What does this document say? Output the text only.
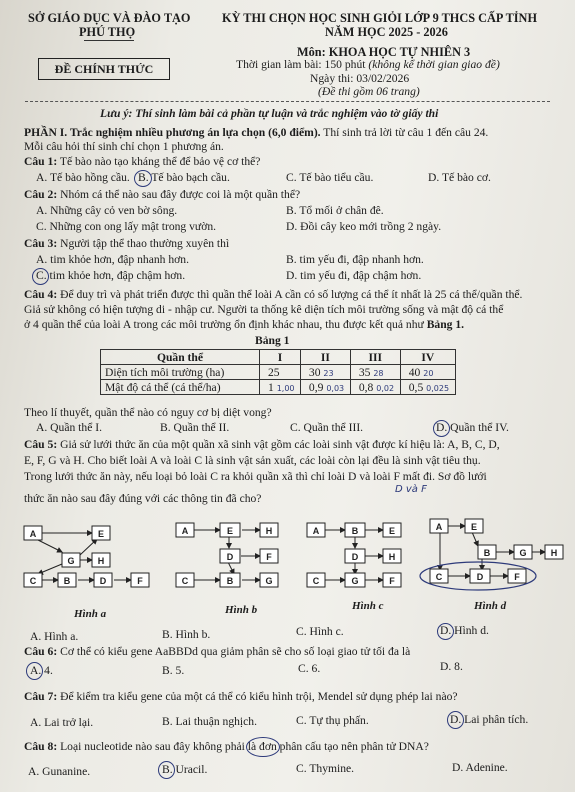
SỞ GIÁO DỤC VÀ ĐÀO TẠO
PHÚ THỌ
KỲ THI CHỌN HỌC SINH GIỎI LỚP 9 THCS CẤP TỈNH
NĂM HỌC 2025 - 2026
ĐỀ CHÍNH THỨC
Môn: KHOA HỌC TỰ NHIÊN 3
Thời gian làm bài: 150 phút (không kể thời gian giao đề)
Ngày thi: 03/02/2026
(Đề thi gồm 06 trang)
Lưu ý: Thí sinh làm bài cả phần tự luận và trắc nghiệm vào tờ giấy thi
PHẦN I. Trắc nghiệm nhiều phương án lựa chọn (6,0 điểm). Thí sinh trả lời từ câu 1 đến câu 24.
Mỗi câu hỏi thí sinh chỉ chọn 1 phương án.
Câu 1: Tế bào nào tạo kháng thể để bảo vệ cơ thể?
A. Tế bào hồng cầu. B. Tế bào bạch cầu.	C. Tế bào tiểu cầu.	D. Tế bào cơ.
Câu 2: Nhóm cá thể nào sau đây được coi là một quần thể?
A. Những cây cỏ ven bờ sông.	B. Tổ mối ở chân đê.
C. Những con ong lấy mật trong vườn.	D. Đồi cây keo mới trồng 2 ngày.
Câu 3: Người tập thể thao thường xuyên thì
A. tim khỏe hơn, đập nhanh hơn.	B. tim yếu đi, đập nhanh hơn.
C. tim khỏe hơn, đập chậm hơn.	D. tim yếu đi, đập chậm hơn.
Câu 4: Để duy trì và phát triển được thì quần thể loài A cần có số lượng cá thể ít nhất là 25 cá thể/quần thể.
Giả sử không có hiện tượng di - nhập cư. Người ta thống kê diện tích môi trường sống và mật độ cá thể
ở 4 quần thể của loài A trong các môi trường ổn định khác nhau, thu được kết quả như Bảng 1.
Bảng 1
Quần thể	I	II	III	IV
Diện tích môi trường (ha)	25	30 23	35 28	40 20
Mật độ cá thể (cá thể/ha)	1 1,00	0,9 0,03	0,8 0,02	0,5 0,025
Theo lí thuyết, quần thể nào có nguy cơ bị diệt vong?
A. Quần thể I.	B. Quần thể II.	C. Quần thể III.	D. Quần thể IV.
Câu 5: Giả sử lưới thức ăn của một quần xã sinh vật gồm các loài sinh vật được kí hiệu là: A, B, C, D,
E, F, G và H. Cho biết loài A và loài C là sinh vật sản xuất, các loài còn lại đều là sinh vật tiêu thụ.
Trong lưới thức ăn này, nếu loại bỏ loài C ra khỏi quần xã thì chỉ loài D và loài F mất đi. Sơ đồ lưới
D và F
thức ăn nào sau đây đúng với các thông tin đã cho?
A	E
G	H
C	B	D	F
A	E	H
D	F
C	B	G
A	B	E
D	H
C	G	F
A	E
B	G	H
C	D	F
Hình a	Hình b	Hình c	Hình d
A. Hình a.	B. Hình b.	C. Hình c.	D. Hình d.
Câu 6: Cơ thể có kiểu gene AaBBDd qua giảm phân sẽ cho số loại giao tử tối đa là
A. 4.	B. 5.	C. 6.	D. 8.
Câu 7: Để kiểm tra kiểu gene của một cá thể có kiểu hình trội, Mendel sử dụng phép lai nào?
A. Lai trở lại.	B. Lai thuận nghịch.	C. Tự thụ phấn.	D. Lai phân tích.
Câu 8: Loại nucleotide nào sau đây không phải là đơn phân cấu tạo nên phân tử DNA?
A. Gunanine.	B. Uracil.	C. Thymine.	D. Adenine.
